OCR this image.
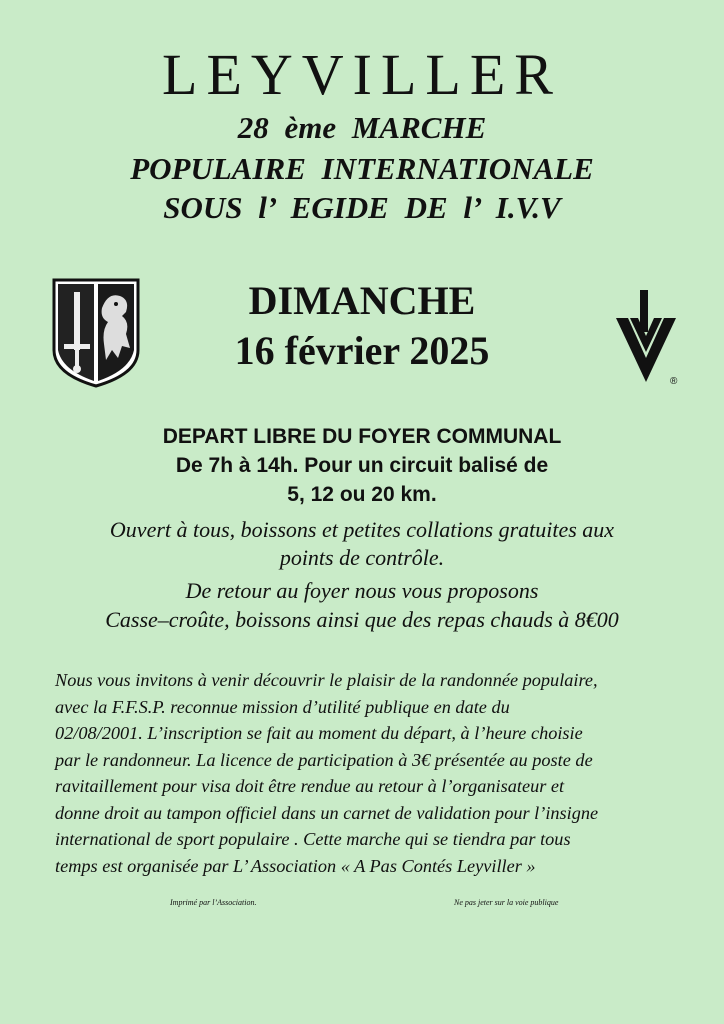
LEYVILLER
28 ème MARCHE
POPULAIRE INTERNATIONALE
SOUS l’ EGIDE DE l’ I.V.V
DIMANCHE
16 février 2025
®
DEPART LIBRE DU FOYER COMMUNAL
De 7h à 14h. Pour un circuit balisé de
5, 12 ou 20 km.
Ouvert à tous, boissons et petites collations gratuites aux
points de contrôle.
De retour au foyer nous vous proposons
Casse–croûte, boissons ainsi que des repas chauds à 8€00
Nous vous invitons à venir découvrir le plaisir de la randonnée populaire,
avec la F.F.S.P. reconnue mission d’utilité publique en date du
02/08/2001. L’inscription se fait au moment du départ, à l’heure choisie
par le randonneur. La licence de participation à 3€ présentée au poste de
ravitaillement pour visa doit être rendue au retour à l’organisateur et
donne droit au tampon officiel dans un carnet de validation pour l’insigne
international de sport populaire . Cette marche qui se tiendra par tous
temps est organisée par L’ Association « A Pas Contés Leyviller »
Imprimé par l’Association.	Ne pas jeter sur la voie publique
